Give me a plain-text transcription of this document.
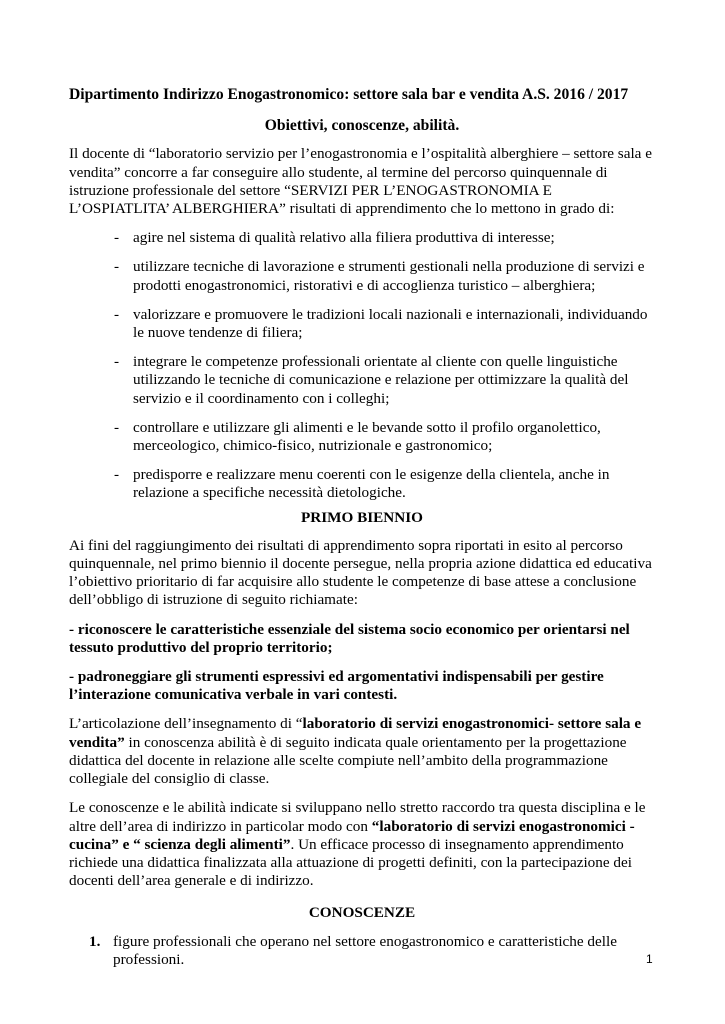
Dipartimento Indirizzo Enogastronomico: settore sala bar e vendita A.S. 2016 / 2017
Obiettivi, conoscenze, abilità.

Il docente di “laboratorio servizio per l’enogastronomia e l’ospitalità alberghiere – settore sala e vendita” concorre a far conseguire allo studente, al termine del percorso quinquennale di istruzione professionale del settore “SERVIZI PER L’ENOGASTRONOMIA E L’OSPIATLITA’ ALBERGHIERA” risultati di apprendimento che lo mettono in grado di:

- agire nel sistema di qualità relativo alla filiera produttiva di interesse;
- utilizzare tecniche di lavorazione e strumenti gestionali nella produzione di servizi e prodotti enogastronomici, ristorativi e di accoglienza turistico – alberghiera;
- valorizzare e promuovere le tradizioni locali nazionali e internazionali, individuando le nuove tendenze di filiera;
- integrare le competenze professionali orientate al cliente con quelle linguistiche utilizzando le tecniche di comunicazione e relazione per ottimizzare la qualità del servizio e il coordinamento con i colleghi;
- controllare e utilizzare gli alimenti e le bevande sotto il profilo organolettico, merceologico, chimico-fisico, nutrizionale e gastronomico;
- predisporre e realizzare menu coerenti con le esigenze della clientela, anche in relazione a specifiche necessità dietologiche.
PRIMO BIENNIO

Ai fini del raggiungimento dei risultati di apprendimento sopra riportati in esito al percorso quinquennale, nel primo biennio il docente persegue, nella propria azione didattica ed educativa l’obiettivo prioritario di far acquisire allo studente le competenze di base attese a conclusione dell’obbligo di istruzione di seguito richiamate:

- riconoscere le caratteristiche essenziale del sistema socio economico per orientarsi nel tessuto produttivo del proprio territorio;

- padroneggiare gli strumenti espressivi ed argomentativi indispensabili per gestire l’interazione comunicativa verbale in vari contesti.

L’articolazione dell’insegnamento di “laboratorio di servizi enogastronomici- settore sala e vendita” in conoscenza abilità è di seguito indicata quale orientamento per la progettazione didattica del docente in relazione alle scelte compiute nell’ambito della programmazione collegiale del consiglio di classe.

Le conoscenze e le abilità indicate si sviluppano nello stretto raccordo tra questa disciplina e le altre dell’area di indirizzo in particolar modo con “laboratorio di servizi enogastronomici - cucina” e “ scienza degli alimenti”. Un efficace processo di insegnamento apprendimento richiede una didattica finalizzata alla attuazione di progetti definiti, con la partecipazione dei docenti dell’area generale e di indirizzo.

CONOSCENZE
1. figure professionali che operano nel settore enogastronomico e caratteristiche delle professioni.	1
